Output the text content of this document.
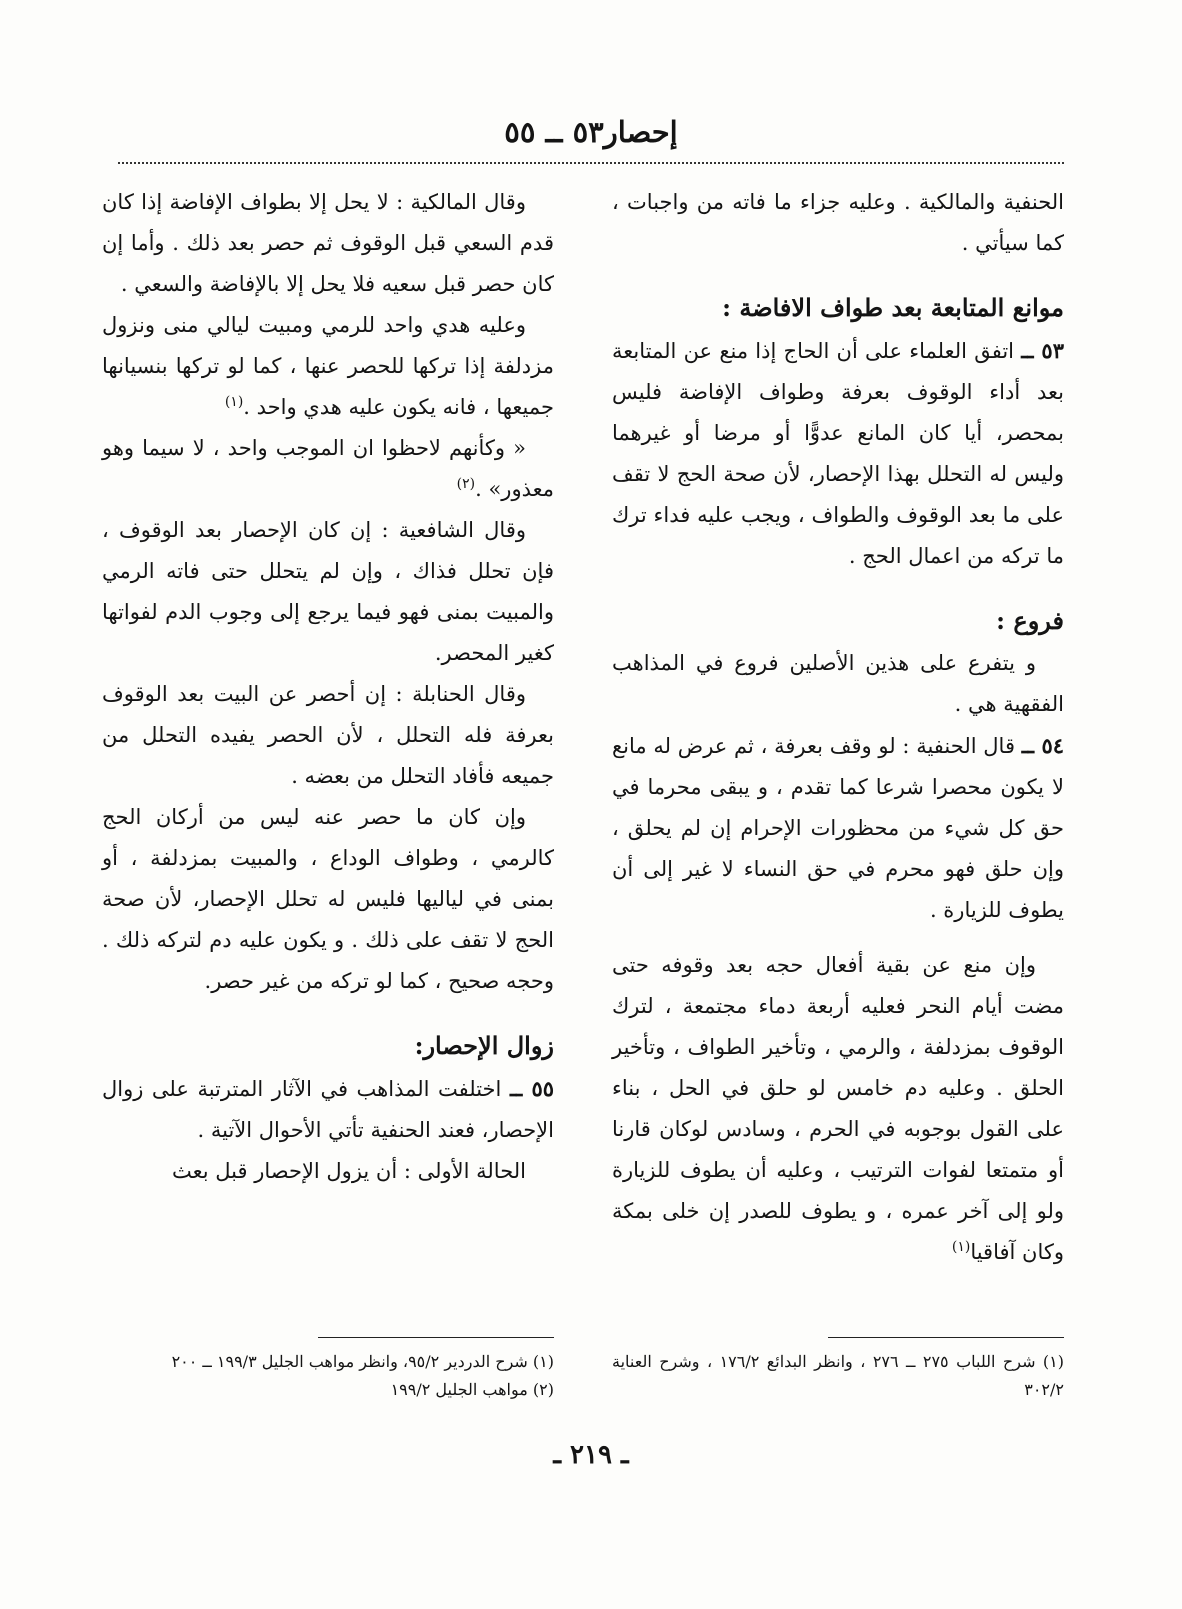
إحصار٥٣ ــ ٥٥

الحنفية والمالكية . وعليه جزاء ما فاته من واجبات ، كما سيأتي .

موانع المتابعة بعد طواف الافاضة :

٥٣ ــ اتفق العلماء على أن الحاج إذا منع عن المتابعة بعد أداء الوقوف بعرفة وطواف الإفاضة فليس بمحصر، أيا كان المانع عدوًّا أو مرضا أو غيرهما وليس له التحلل بهذا الإحصار، لأن صحة الحج لا تقف على ما بعد الوقوف والطواف ، ويجب عليه فداء ترك ما تركه من اعمال الحج .

فروع :

و يتفرع على هذين الأصلين فروع في المذاهب الفقهية هي .

٥٤ ــ قال الحنفية : لو وقف بعرفة ، ثم عرض له مانع لا يكون محصرا شرعا كما تقدم ، و يبقى محرما في حق كل شيء من محظورات الإحرام إن لم يحلق ، وإن حلق فهو محرم في حق النساء لا غير إلى أن يطوف للزيارة .

وإن منع عن بقية أفعال حجه بعد وقوفه حتى مضت أيام النحر فعليه أربعة دماء مجتمعة ، لترك الوقوف بمزدلفة ، والرمي ، وتأخير الطواف ، وتأخير الحلق . وعليه دم خامس لو حلق في الحل ، بناء على القول بوجوبه في الحرم ، وسادس لوكان قارنا أو متمتعا لفوات الترتيب ، وعليه أن يطوف للزيارة ولو إلى آخر عمره ، و يطوف للصدر إن خلى بمكة وكان آفاقيا$^{(١)}$

وقال المالكية : لا يحل إلا بطواف الإفاضة إذا كان قدم السعي قبل الوقوف ثم حصر بعد ذلك . وأما إن كان حصر قبل سعيه فلا يحل إلا بالإفاضة والسعي .

وعليه هدي واحد للرمي ومبيت ليالي منى ونزول مزدلفة إذا تركها للحصر عنها ، كما لو تركها بنسيانها جميعها ، فانه يكون عليه هدي واحد .$^{(١)}$

« وكأنهم لاحظوا ان الموجب واحد ، لا سيما وهو معذور» .$^{(٢)}$

وقال الشافعية : إن كان الإحصار بعد الوقوف ، فإن تحلل فذاك ، وإن لم يتحلل حتى فاته الرمي والمبيت بمنى فهو فيما يرجع إلى وجوب الدم لفواتها كغير المحصر.

وقال الحنابلة : إن أحصر عن البيت بعد الوقوف بعرفة فله التحلل ، لأن الحصر يفيده التحلل من جميعه فأفاد التحلل من بعضه .

وإن كان ما حصر عنه ليس من أركان الحج كالرمي ، وطواف الوداع ، والمبيت بمزدلفة ، أو بمنى في لياليها فليس له تحلل الإحصار، لأن صحة الحج لا تقف على ذلك . و يكون عليه دم لتركه ذلك . وحجه صحيح ، كما لو تركه من غير حصر.

زوال الإحصار:

٥٥ ــ اختلفت المذاهب في الآثار المترتبة على زوال الإحصار، فعند الحنفية تأتي الأحوال الآتية .

الحالة الأولى : أن يزول الإحصار قبل بعث

(١) شرح اللباب ٢٧٥ ــ ٢٧٦ ، وانظر البدائع ١٧٦/٢ ، وشرح العناية ٣٠٢/٢

(١) شرح الدردير ٩٥/٢، وانظر مواهب الجليل ١٩٩/٣ ــ ٢٠٠

(٢) مواهب الجليل ١٩٩/٢

ـ ٢١٩ ـ
